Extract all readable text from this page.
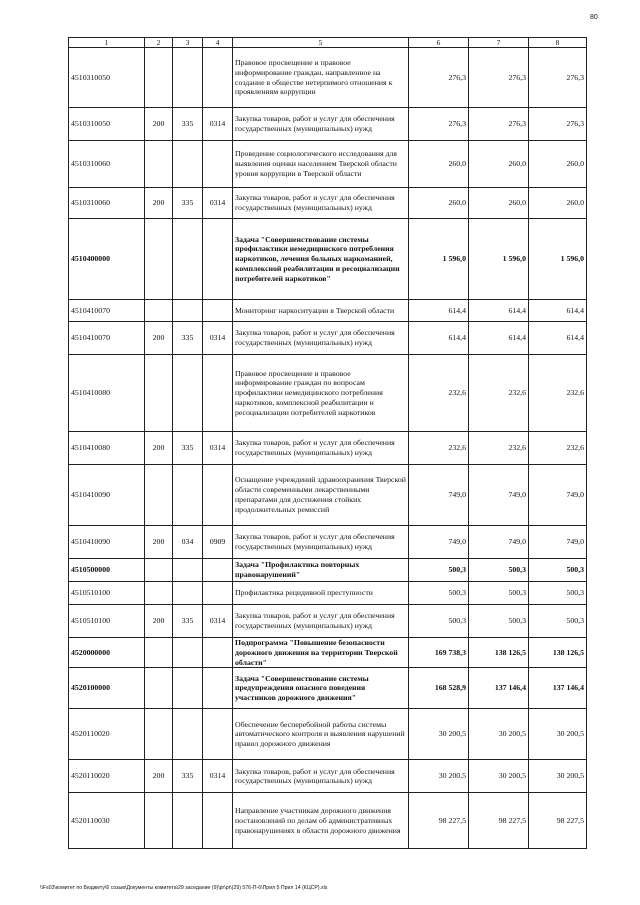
80
1	2	3	4	5	6	7	8
4510310050				Правовое просвещение и правовое информирование граждан, направленное на создание в обществе нетерпимого отношения к проявлениям коррупции	276,3	276,3	276,3
4510310050	200	335	0314	Закупка товаров, работ и услуг для обеспечения государственных (муниципальных) нужд	276,3	276,3	276,3
4510310060				Проведение социологического исследования для выявления оценки населением Тверской области уровня коррупции в Тверской области	260,0	260,0	260,0
4510310060	200	335	0314	Закупка товаров, работ и услуг для обеспечения государственных (муниципальных) нужд	260,0	260,0	260,0
4510400000				Задача "Совершенствование системы профилактики немедицинского потребления наркотиков, лечения больных наркоманией, комплексной реабилитации и ресоциализации потребителей наркотиков"	1 596,0	1 596,0	1 596,0
4510410070				Мониторинг наркоситуации в Тверской области	614,4	614,4	614,4
4510410070	200	335	0314	Закупка товаров, работ и услуг для обеспечения государственных (муниципальных) нужд	614,4	614,4	614,4
4510410080				Правовое просвещение и правовое информирование граждан по вопросам профилактики немедицинского потребления наркотиков, комплексной реабилитации и ресоциализации потребителей наркотиков	232,6	232,6	232,6
4510410080	200	335	0314	Закупка товаров, работ и услуг для обеспечения государственных (муниципальных) нужд	232,6	232,6	232,6
4510410090				Оснащение учреждений здравоохранения Тверской области современными лекарственными препаратами для достижения стойких продолжительных ремиссий	749,0	749,0	749,0
4510410090	200	034	0909	Закупка товаров, работ и услуг для обеспечения государственных (муниципальных) нужд	749,0	749,0	749,0
4510500000				Задача "Профилактика повторных правонарушений"	500,3	500,3	500,3
4510510100				Профилактика рецидивной преступности	500,3	500,3	500,3
4510510100	200	335	0314	Закупка товаров, работ и услуг для обеспечения государственных (муниципальных) нужд	500,3	500,3	500,3
4520000000				Подпрограмма "Повышение безопасности дорожного движения на территории Тверской области"	169 738,3	138 126,5	138 126,5
4520100000				Задача "Совершенствование системы предупреждения опасного поведения участников дорожного движения"	168 528,9	137 146,4	137 146,4
4520110020				Обеспечение бесперебойной работы системы автоматического контроля и выявления нарушений правил дорожного движения	30 200,5	30 200,5	30 200,5
4520110020	200	335	0314	Закупка товаров, работ и услуг для обеспечения государственных (муниципальных) нужд	30 200,5	30 200,5	30 200,5
4520110030				Направление участникам дорожного движения постановлений по делам об административных правонарушениях в области дорожного движения	98 227,5	98 227,5	98 227,5
\\Fs03\комитет по Бюджету\6 созыв\Документы комитета\29 заседание (9)\pr\pr\(29) 576-П-6\Прил 5 Прил 14 (КЦСР).xls
